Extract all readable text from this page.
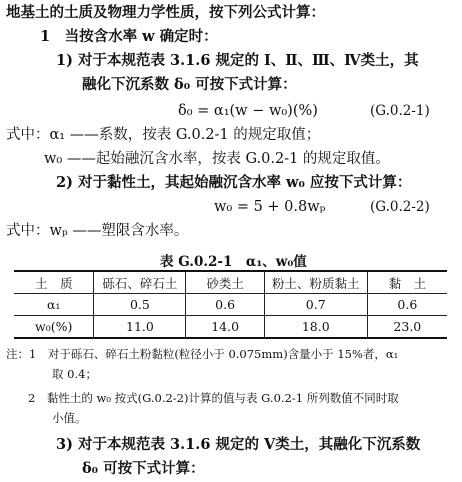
地基土的土质及物理力学性质，按下列公式计算：
1　当按含水率 w 确定时：
1) 对于本规范表 3.1.6 规定的 Ⅰ、Ⅱ、Ⅲ、Ⅳ类土，其
融化下沉系数 δ₀ 可按下式计算：
δ₀ = α₁(w − w₀)(%)	(G.0.2-1)
式中：α₁ ——系数，按表 G.0.2-1 的规定取值；
w₀ ——起始融沉含水率，按表 G.0.2-1 的规定取值。
2) 对于黏性土，其起始融沉含水率 w₀ 应按下式计算：
w₀ = 5 + 0.8wₚ	(G.0.2-2)
式中：wₚ ——塑限含水率。
表 G.0.2-1　α₁、w₀值
土　质	砾石、碎石土	砂类土	粉土、粉质黏土	黏　土
α₁	0.5	0.6	0.7	0.6
w₀(%)	11.0	14.0	18.0	23.0
注：1　对于砾石、碎石土粉黏粒(粒径小于 0.075mm)含量小于 15%者，α₁
取 0.4；
2　黏性土的 w₀ 按式(G.0.2-2)计算的值与表 G.0.2-1 所列数值不同时取
小值。
3) 对于本规范表 3.1.6 规定的 Ⅴ类土，其融化下沉系数
δ₀ 可按下式计算：
